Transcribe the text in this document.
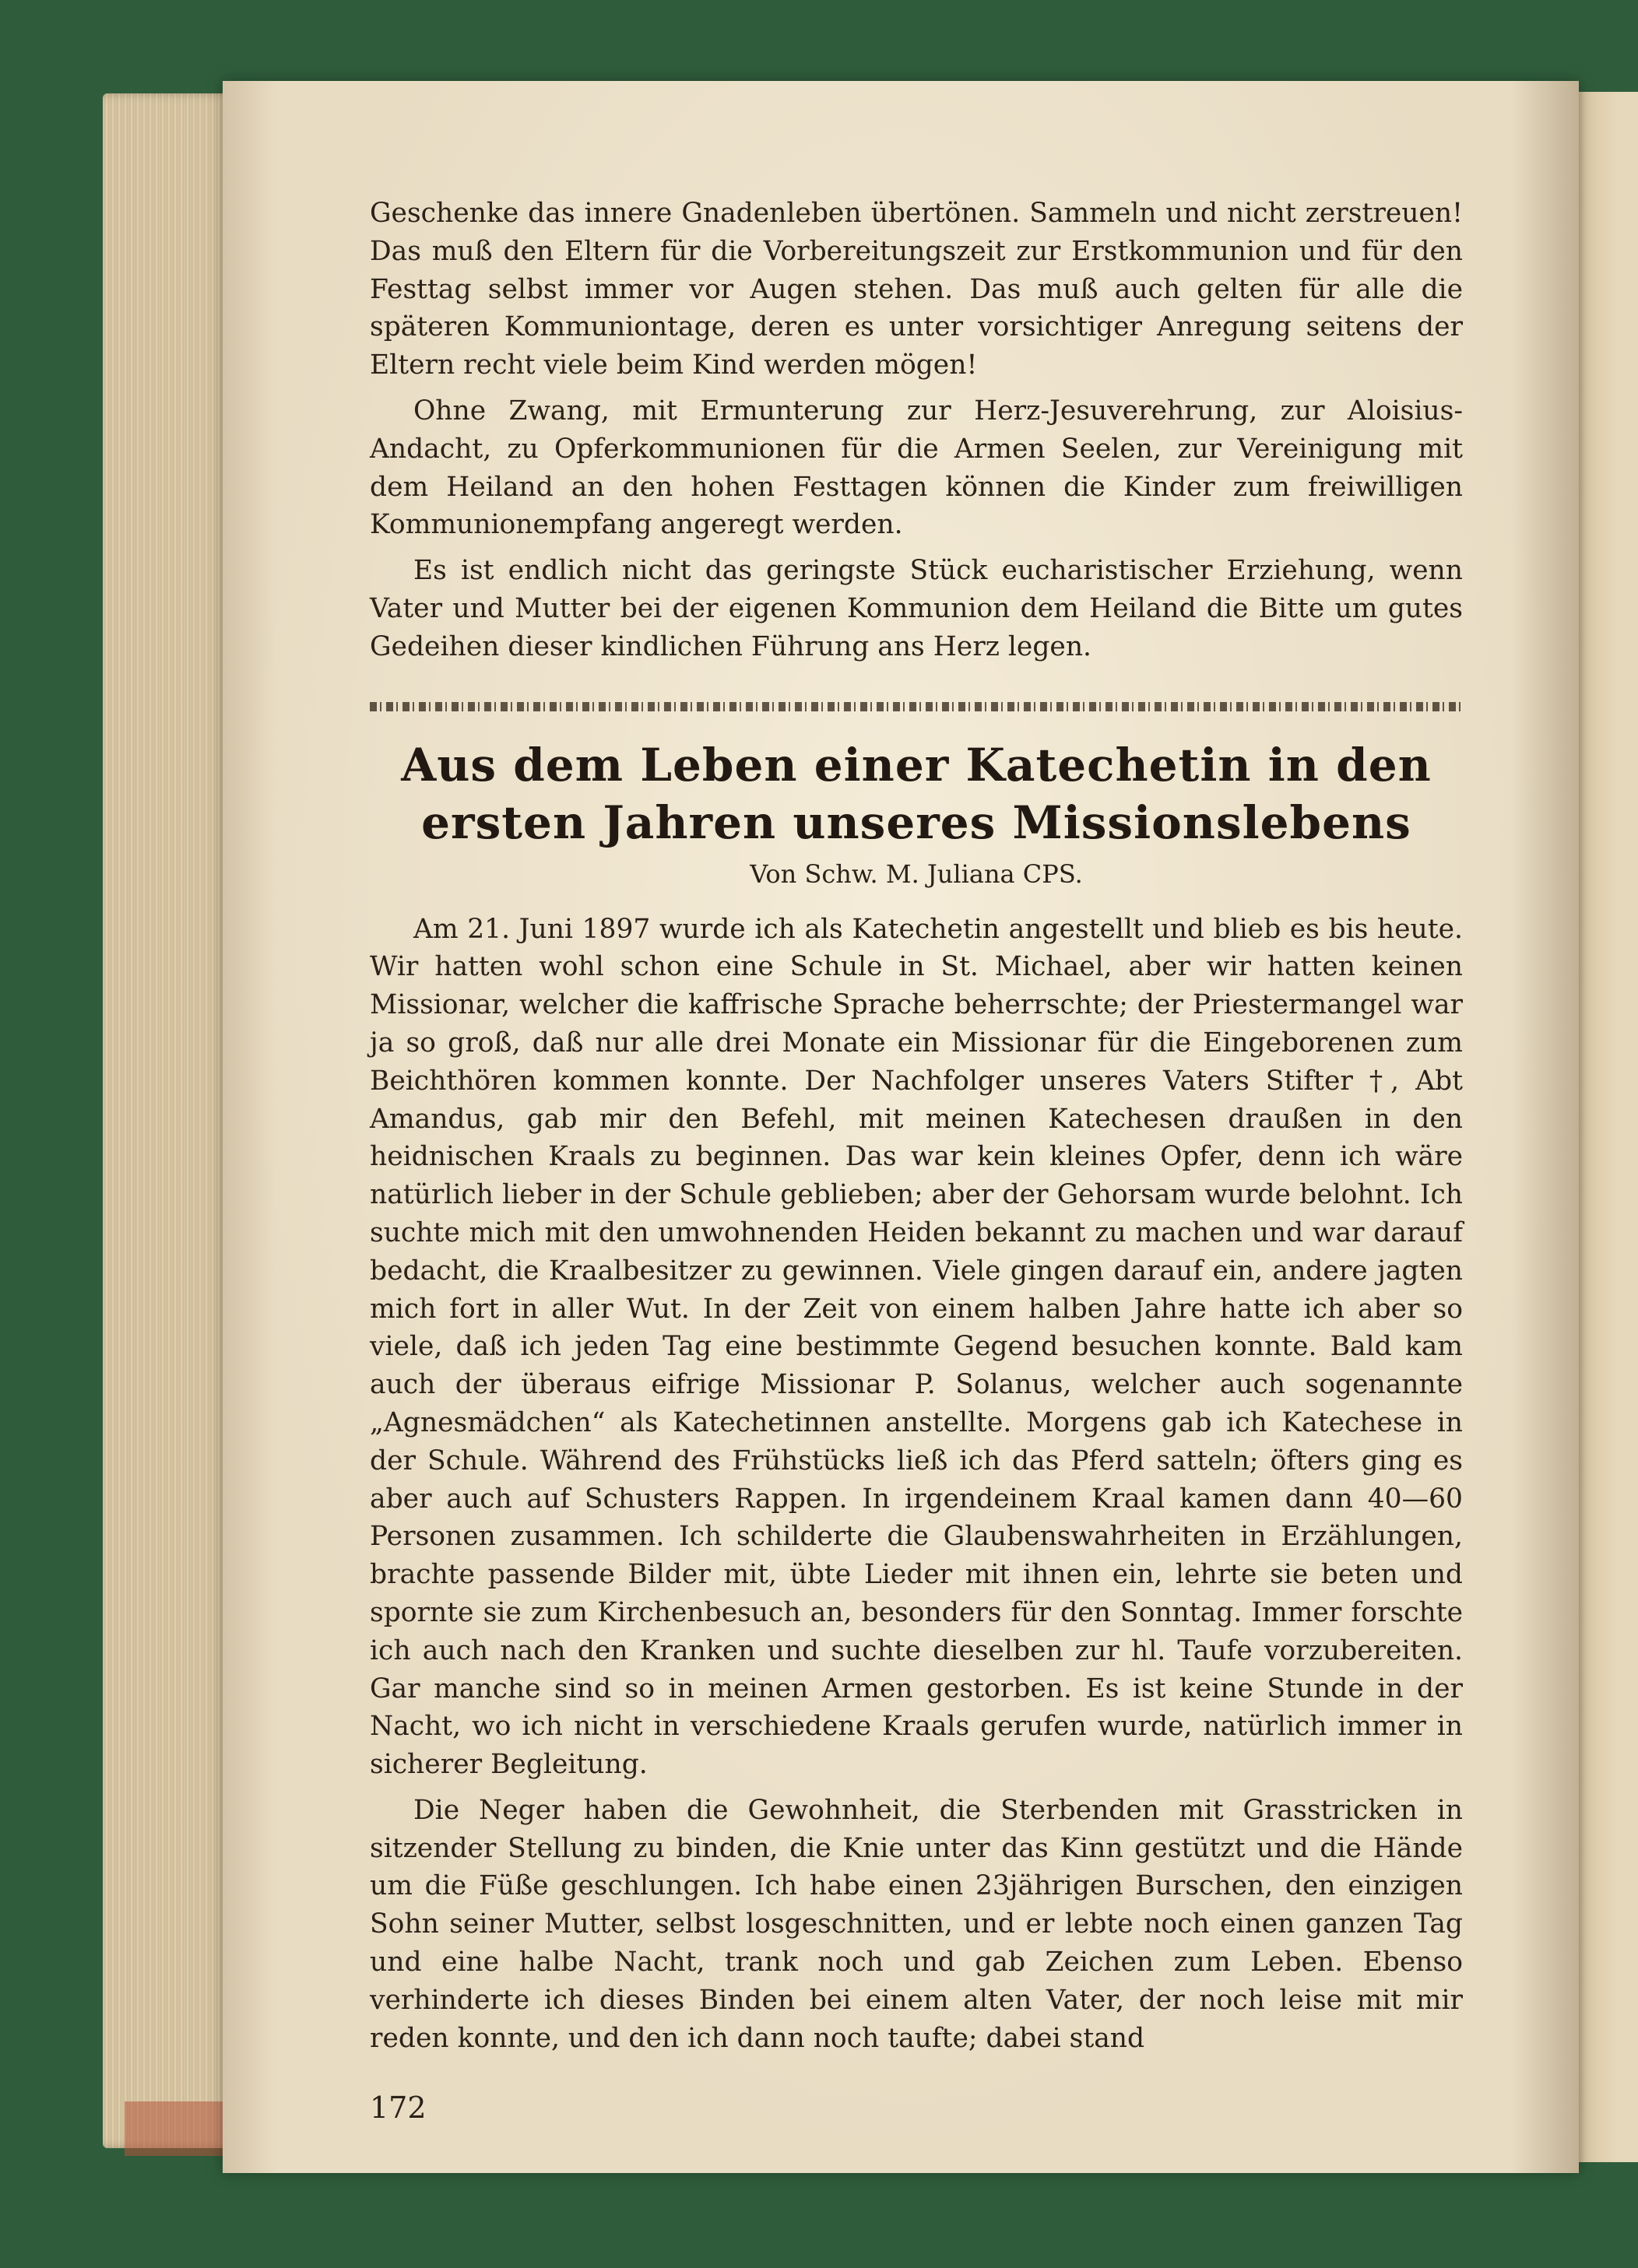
Geschenke das innere Gnadenleben übertönen. Sammeln und nicht zerstreuen! Das muß den Eltern für die Vorbereitungszeit zur Erstkommunion und für den Festtag selbst immer vor Augen stehen. Das muß auch gelten für alle die späteren Kommuniontage, deren es unter vorsichtiger Anregung seitens der Eltern recht viele beim Kind werden mögen!

Ohne Zwang, mit Ermunterung zur Herz-Jesuverehrung, zur Aloisius-Andacht, zu Opferkommunionen für die Armen Seelen, zur Vereinigung mit dem Heiland an den hohen Festtagen können die Kinder zum freiwilligen Kommunionempfang angeregt werden.

Es ist endlich nicht das geringste Stück eucharistischer Erziehung, wenn Vater und Mutter bei der eigenen Kommunion dem Heiland die Bitte um gutes Gedeihen dieser kindlichen Führung ans Herz legen.

Aus dem Leben einer Katechetin in den ersten Jahren unseres Missionslebens
Von Schw. M. Juliana CPS.

Am 21. Juni 1897 wurde ich als Katechetin angestellt und blieb es bis heute. Wir hatten wohl schon eine Schule in St. Michael, aber wir hatten keinen Missionar, welcher die kaffrische Sprache beherrschte; der Priestermangel war ja so groß, daß nur alle drei Monate ein Missionar für die Eingeborenen zum Beichthören kommen konnte. Der Nachfolger unseres Vaters Stifter †, Abt Amandus, gab mir den Befehl, mit meinen Katechesen draußen in den heidnischen Kraals zu beginnen. Das war kein kleines Opfer, denn ich wäre natürlich lieber in der Schule geblieben; aber der Gehorsam wurde belohnt. Ich suchte mich mit den umwohnenden Heiden bekannt zu machen und war darauf bedacht, die Kraalbesitzer zu gewinnen. Viele gingen darauf ein, andere jagten mich fort in aller Wut. In der Zeit von einem halben Jahre hatte ich aber so viele, daß ich jeden Tag eine bestimmte Gegend besuchen konnte. Bald kam auch der überaus eifrige Missionar P. Solanus, welcher auch sogenannte „Agnesmädchen“ als Katechetinnen anstellte. Morgens gab ich Katechese in der Schule. Während des Frühstücks ließ ich das Pferd satteln; öfters ging es aber auch auf Schusters Rappen. In irgendeinem Kraal kamen dann 40—60 Personen zusammen. Ich schilderte die Glaubenswahrheiten in Erzählungen, brachte passende Bilder mit, übte Lieder mit ihnen ein, lehrte sie beten und spornte sie zum Kirchenbesuch an, besonders für den Sonntag. Immer forschte ich auch nach den Kranken und suchte dieselben zur hl. Taufe vorzubereiten. Gar manche sind so in meinen Armen gestorben. Es ist keine Stunde in der Nacht, wo ich nicht in verschiedene Kraals gerufen wurde, natürlich immer in sicherer Begleitung.

Die Neger haben die Gewohnheit, die Sterbenden mit Grasstricken in sitzender Stellung zu binden, die Knie unter das Kinn gestützt und die Hände um die Füße geschlungen. Ich habe einen 23jährigen Burschen, den einzigen Sohn seiner Mutter, selbst losgeschnitten, und er lebte noch einen ganzen Tag und eine halbe Nacht, trank noch und gab Zeichen zum Leben. Ebenso verhinderte ich dieses Binden bei einem alten Vater, der noch leise mit mir reden konnte, und den ich dann noch taufte; dabei stand

172
